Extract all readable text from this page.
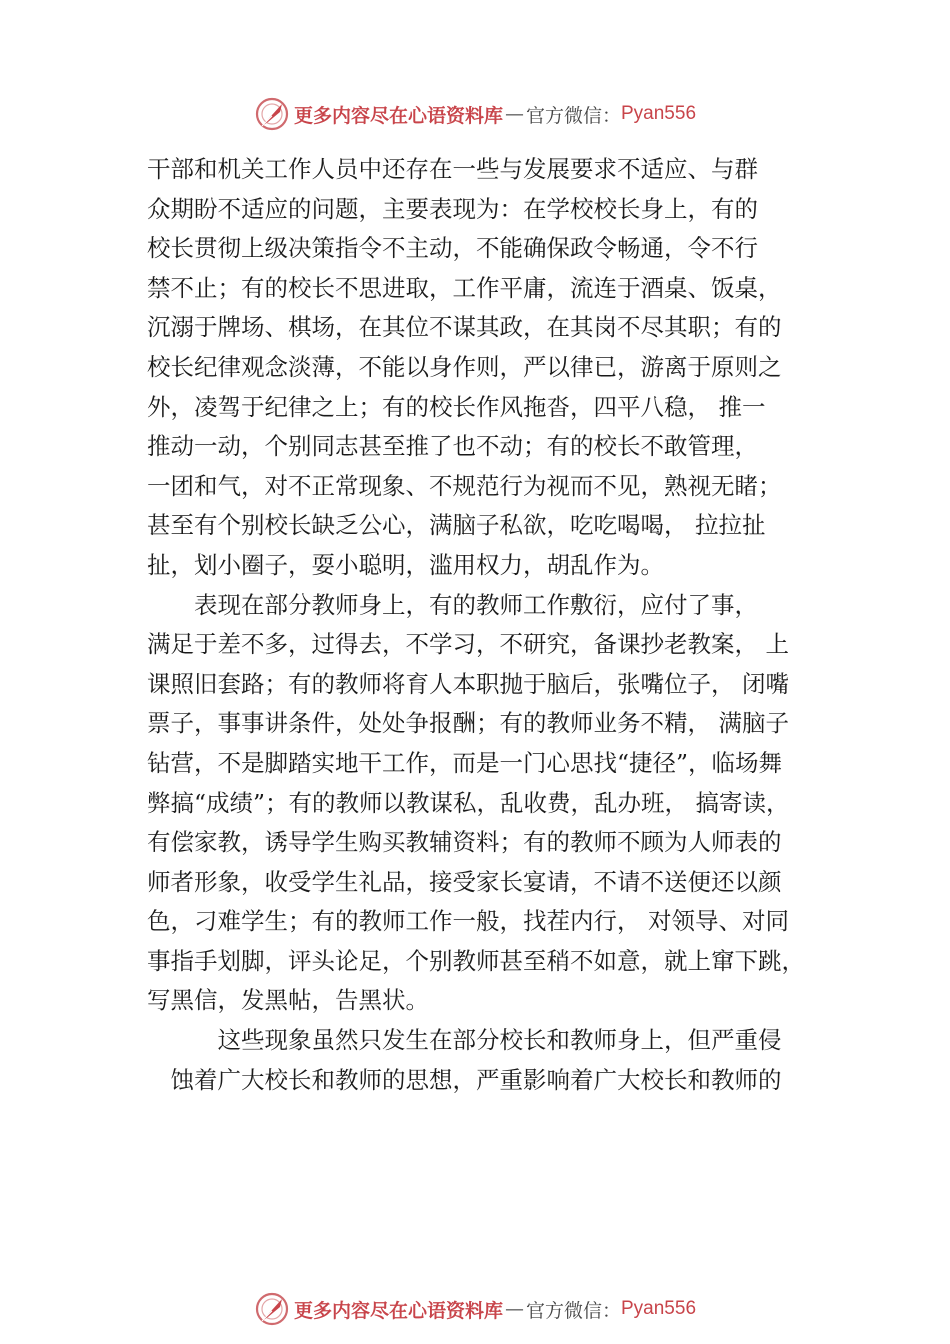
更多内容尽在心语资料库 — 官方微信： Pyan556
干部和机关工作人员中还存在一些与发展要求不适应、与群
众期盼不适应的问题，主要表现为：在学校校长身上，有的
校长贯彻上级决策指令不主动，不能确保政令畅通，令不行
禁不止；有的校长不思进取，工作平庸，流连于酒桌、饭桌，
沉溺于牌场、棋场，在其位不谋其政，在其岗不尽其职；有的
校长纪律观念淡薄，不能以身作则，严以律已，游离于原则之
外，凌驾于纪律之上；有的校长作风拖沓，四平八稳， 推一
推动一动，个别同志甚至推了也不动；有的校长不敢管理，
一团和气，对不正常现象、不规范行为视而不见，熟视无睹；
甚至有个别校长缺乏公心，满脑子私欲，吃吃喝喝， 拉拉扯
扯，划小圈子，耍小聪明，滥用权力，胡乱作为。
　　表现在部分教师身上，有的教师工作敷衍，应付了事，
满足于差不多，过得去，不学习，不研究，备课抄老教案， 上
课照旧套路；有的教师将育人本职抛于脑后，张嘴位子， 闭嘴
票子，事事讲条件，处处争报酬；有的教师业务不精， 满脑子
钻营，不是脚踏实地干工作，而是一门心思找“捷径”，临场舞
弊搞“成绩”；有的教师以教谋私，乱收费，乱办班， 搞寄读，
有偿家教，诱导学生购买教辅资料；有的教师不顾为人师表的
师者形象，收受学生礼品，接受家长宴请，不请不送便还以颜
色，刁难学生；有的教师工作一般，找茬内行， 对领导、对同
事指手划脚，评头论足，个别教师甚至稍不如意，就上窜下跳，
写黑信，发黑帖，告黑状。
　　　这些现象虽然只发生在部分校长和教师身上，但严重侵
　蚀着广大校长和教师的思想，严重影响着广大校长和教师的
更多内容尽在心语资料库 — 官方微信： Pyan556
